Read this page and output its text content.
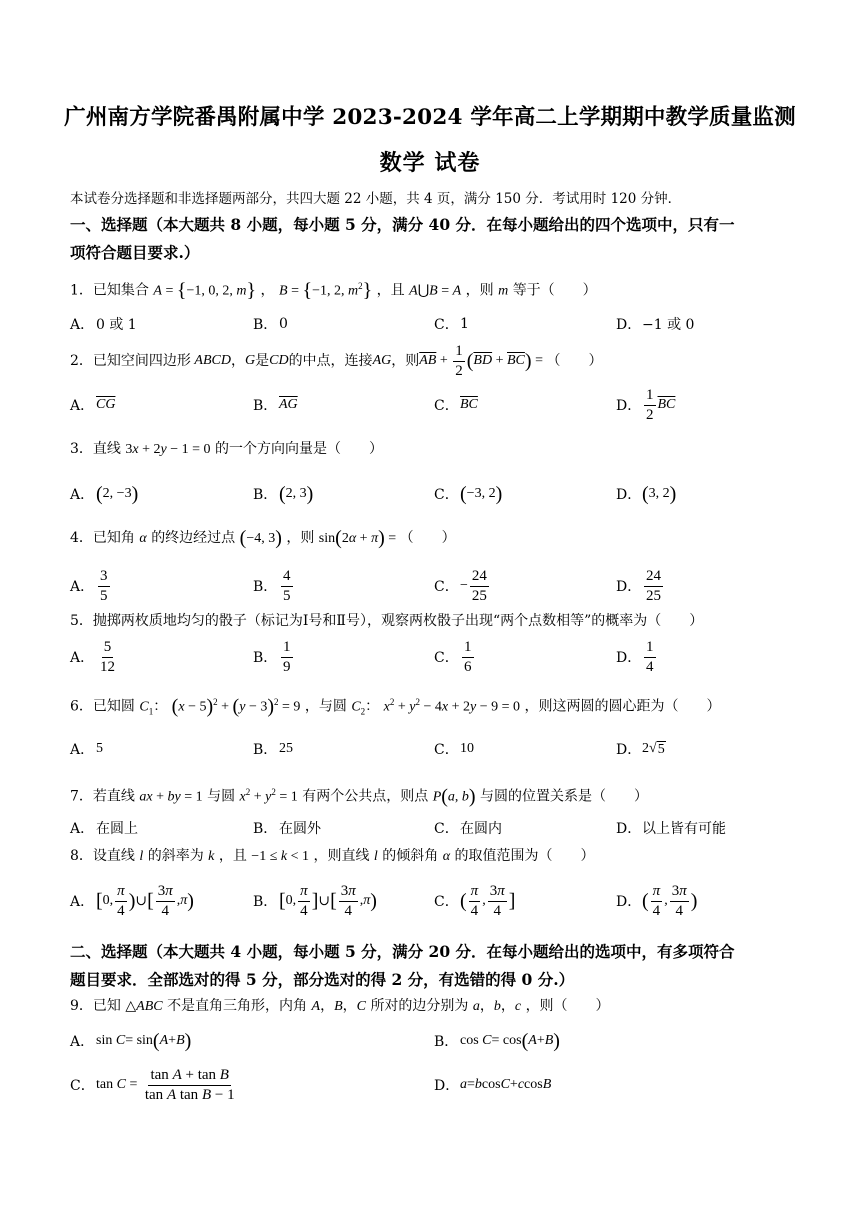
广州南方学院番禺附属中学 2023-2024 学年高二上学期期中教学质量监测
数学 试卷
本试卷分选择题和非选择题两部分，共四大题 22 小题，共 4 页，满分 150 分．考试用时 120 分钟．
一、选择题（本大题共 8 小题，每小题 5 分，满分 40 分．在每小题给出的四个选项中，只有一
项符合题目要求.）
1．已知集合 A = {−1, 0, 2, m} ， B = {−1, 2, $m^2$} ，且 A⋃B = A ，则 m 等于（　　）
A． 0 或 1	B． 0	C． 1	D． −1 或 0
2．已知空间四边形 ABCD ， G 是 CD 的中点，连接 AG ，则 $\overline{AB} + \frac{1}{2}$ ( $\overline{BD} + \overline{BC}$ ) = （　　）
A． $\overline{CG}$	B． $\overline{AG}$	C． $\overline{BC}$	D． $\frac{1}{2} \overline{BC}$
3．直线 3x + 2y − 1 = 0 的一个方向向量是（　　）
A． ( 2, −3 )	B． ( 2, 3 )	C． ( −3, 2 )	D． ( 3, 2 )
4．已知角 α 的终边经过点 (−4, 3) ，则 sin(2α + π) = （　　）
A． $\frac{3}{5}$	B． $\frac{4}{5}$	C． − $\frac{24}{25}$	D． $\frac{24}{25}$
5．抛掷两枚质地均匀的骰子（标记为Ⅰ号和Ⅱ号），观察两枚骰子出现“两个点数相等”的概率为（　　）
A． $\frac{5}{12}$	B． $\frac{1}{9}$	C． $\frac{1}{6}$	D． $\frac{1}{4}$
6．已知圆 $C_1$： $(x - 5)^2 + (y - 3)^2 = 9$ ，与圆 $C_2$： $x^2 + y^2 - 4x + 2y - 9 = 0$ ，则这两圆的圆心距为（　　）
A． 5	B． 25	C． 10	D． 2√ 5
7．若直线 ax + by = 1 与圆 $x^2 + y^2 = 1$ 有两个公共点，则点 P(a, b) 与圆的位置关系是（　　）
A． 在圆上	B． 在圆外	C． 在圆内	D． 以上皆有可能
8．设直线 l 的斜率为 k ，且 −1 ≤ k < 1 ，则直线 l 的倾斜角 α 的取值范围为（　　）
A． [ 0, $\frac{\pi}{4}$ ) ∪ [ $\frac{3\pi}{4}$ , π )	B． [ 0, $\frac{\pi}{4}$ ] ∪ [ $\frac{3\pi}{4}$ , π )	C． ( $\frac{\pi}{4}$ , $\frac{3\pi}{4}$ ]	D． ( $\frac{\pi}{4}$ , $\frac{3\pi}{4}$ )
二、选择题（本大题共 4 小题，每小题 5 分，满分 20 分．在每小题给出的选项中，有多项符合
题目要求．全部选对的得 5 分，部分选对的得 2 分，有选错的得 0 分.）
9．已知 △ABC 不是直角三角形，内角 A，B，C 所对的边分别为 a，b，c ，则（　　）
A． sin C = sin ( A + B )	B． cos C = cos ( A + B )
C． $\tan C = \frac{\text{tan A + tan B}}{\text{tan A tan B − 1}}$	D． a = b cos C + c cos B
